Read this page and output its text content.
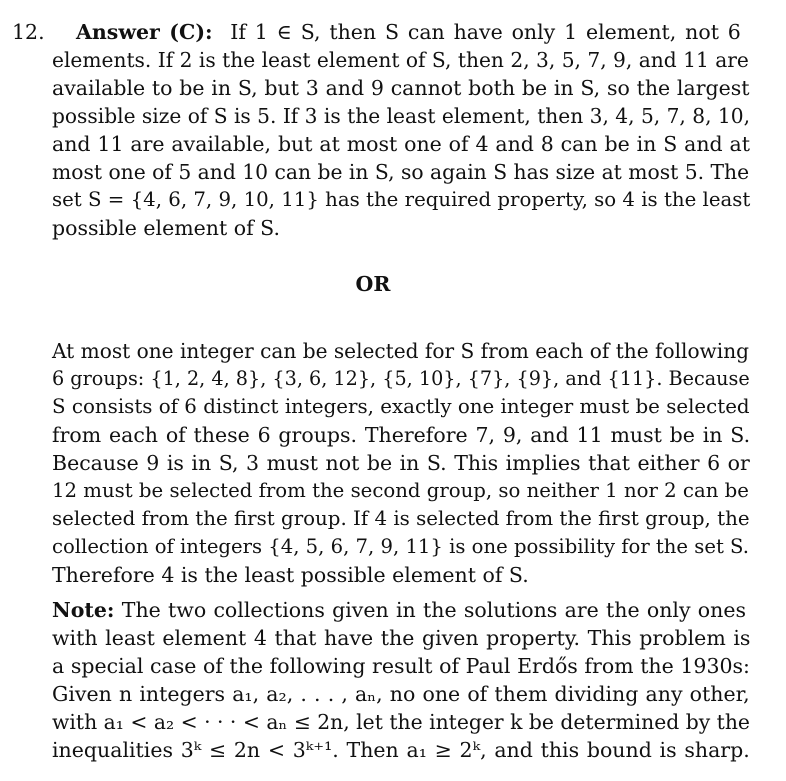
12. Answer (C): If 1 ∈ S, then S can have only 1 element, not 6
elements. If 2 is the least element of S, then 2, 3, 5, 7, 9, and 11 are
available to be in S, but 3 and 9 cannot both be in S, so the largest
possible size of S is 5. If 3 is the least element, then 3, 4, 5, 7, 8, 10,
and 11 are available, but at most one of 4 and 8 can be in S and at
most one of 5 and 10 can be in S, so again S has size at most 5. The
set S = {4, 6, 7, 9, 10, 11} has the required property, so 4 is the least
possible element of S.
OR
At most one integer can be selected for S from each of the following
6 groups: {1, 2, 4, 8}, {3, 6, 12}, {5, 10}, {7}, {9}, and {11}. Because
S consists of 6 distinct integers, exactly one integer must be selected
from each of these 6 groups. Therefore 7, 9, and 11 must be in S.
Because 9 is in S, 3 must not be in S. This implies that either 6 or
12 must be selected from the second group, so neither 1 nor 2 can be
selected from the first group. If 4 is selected from the first group, the
collection of integers {4, 5, 6, 7, 9, 11} is one possibility for the set S.
Therefore 4 is the least possible element of S.
Note: The two collections given in the solutions are the only ones
with least element 4 that have the given property. This problem is
a special case of the following result of Paul Erdős from the 1930s:
Given n integers a₁, a₂, . . . , aₙ, no one of them dividing any other,
with a₁ < a₂ < · · · < aₙ ≤ 2n, let the integer k be determined by the
inequalities 3ᵏ ≤ 2n < 3ᵏ⁺¹. Then a₁ ≥ 2ᵏ, and this bound is sharp.
